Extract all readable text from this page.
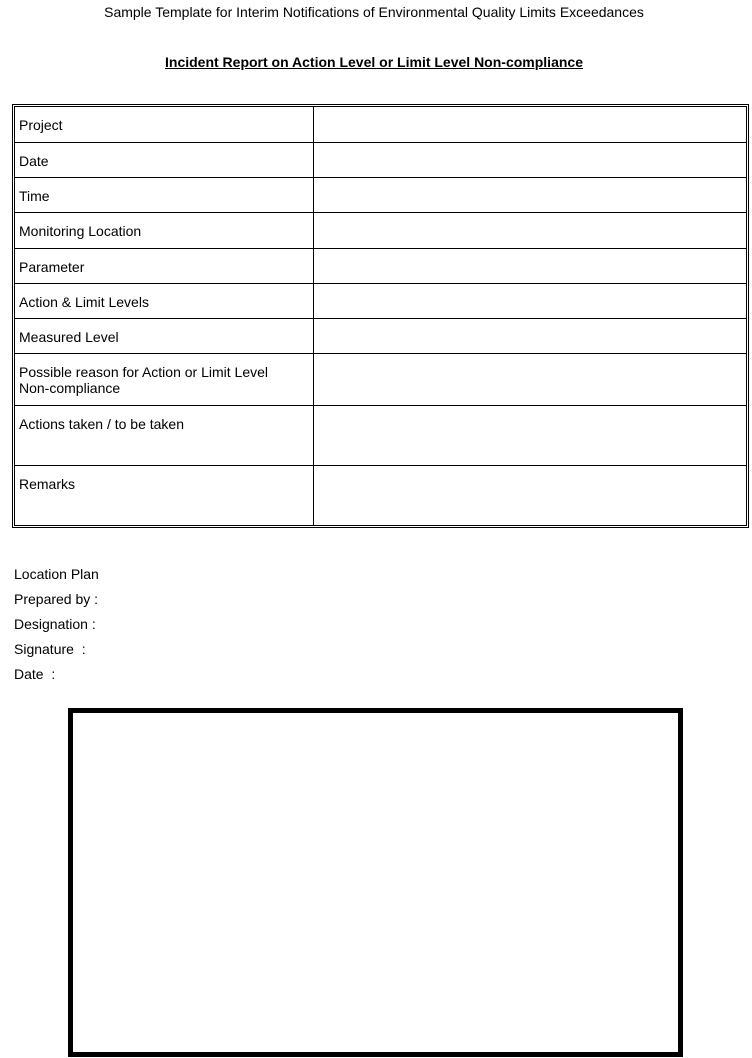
Sample Template for Interim Notifications of Environmental Quality Limits Exceedances
Incident Report on Action Level or Limit Level Non-compliance
Project	
Date	
Time	
Monitoring Location	
Parameter	
Action & Limit Levels	
Measured Level	
Possible reason for Action or Limit Level Non-compliance	
Actions taken / to be taken	
Remarks	
Location Plan
Prepared by :
Designation :
Signature  :
Date  :
